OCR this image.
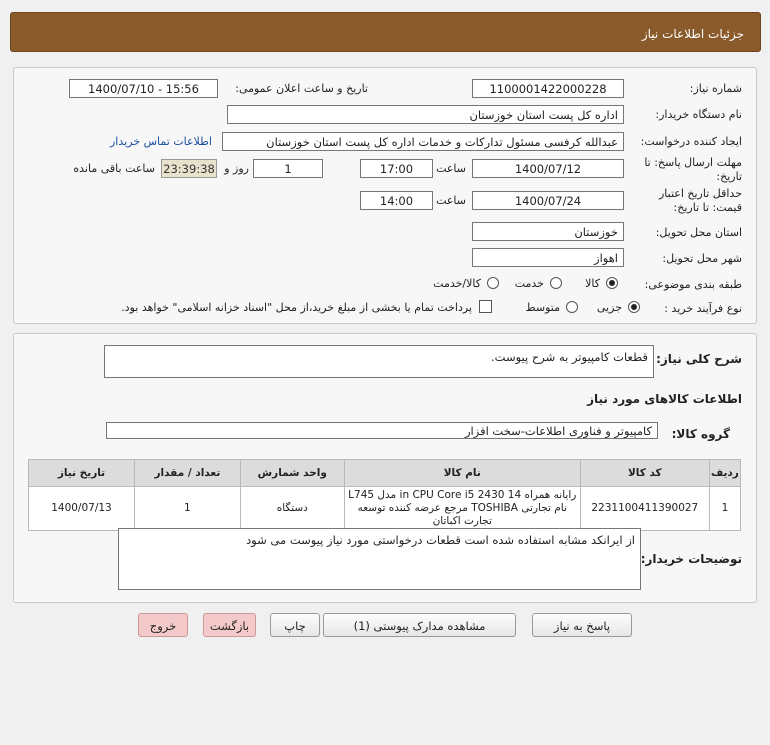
جزئیات اطلاعات نیاز
شماره نیاز:
1100001422000228
تاریخ و ساعت اعلان عمومی:
1400/07/10 - 15:56
نام دستگاه خریدار:
اداره کل پست استان خوزستان
ایجاد کننده درخواست:
عبدالله کرفسی مسئول تدارکات و خدمات اداره کل پست استان خوزستان
اطلاعات تماس خریدار
مهلت ارسال پاسخ: تا تاریخ:
1400/07/12
ساعت
17:00
1
روز و
23:39:38
ساعت باقی مانده
حداقل تاریخ اعتبار قیمت: تا تاریخ:
1400/07/24
ساعت
14:00
استان محل تحویل:
خوزستان
شهر محل تحویل:
اهواز
طبقه بندی موضوعی:
کالا
خدمت
کالا/خدمت
نوع فرآیند خرید :
جزیی
متوسط
پرداخت تمام یا بخشی از مبلغ خرید،از محل "اسناد خزانه اسلامی" خواهد بود.
شرح کلی نیاز:
قطعات کامپیوتر به شرح پیوست.
اطلاعات کالاهای مورد نیاز
گروه کالا:
کامپیوتر و فناوری اطلاعات-سخت افزار
ردیف	کد کالا	نام کالا	واحد شمارش	تعداد / مقدار	تاریخ نیاز
1	2231100411390027	رایانه همراه 14 in CPU Core i5 2430 مدل L745 نام تجارتی TOSHIBA مرجع عرضه کننده توسعه تجارت اکباتان	دستگاه	1	1400/07/13
توضیحات خریدار:
از ایرانکد مشابه استفاده شده است قطعات درخواستی مورد نیاز پیوست می شود
پاسخ به نیاز
مشاهده مدارک پیوستی (1)
چاپ
بازگشت
خروج
